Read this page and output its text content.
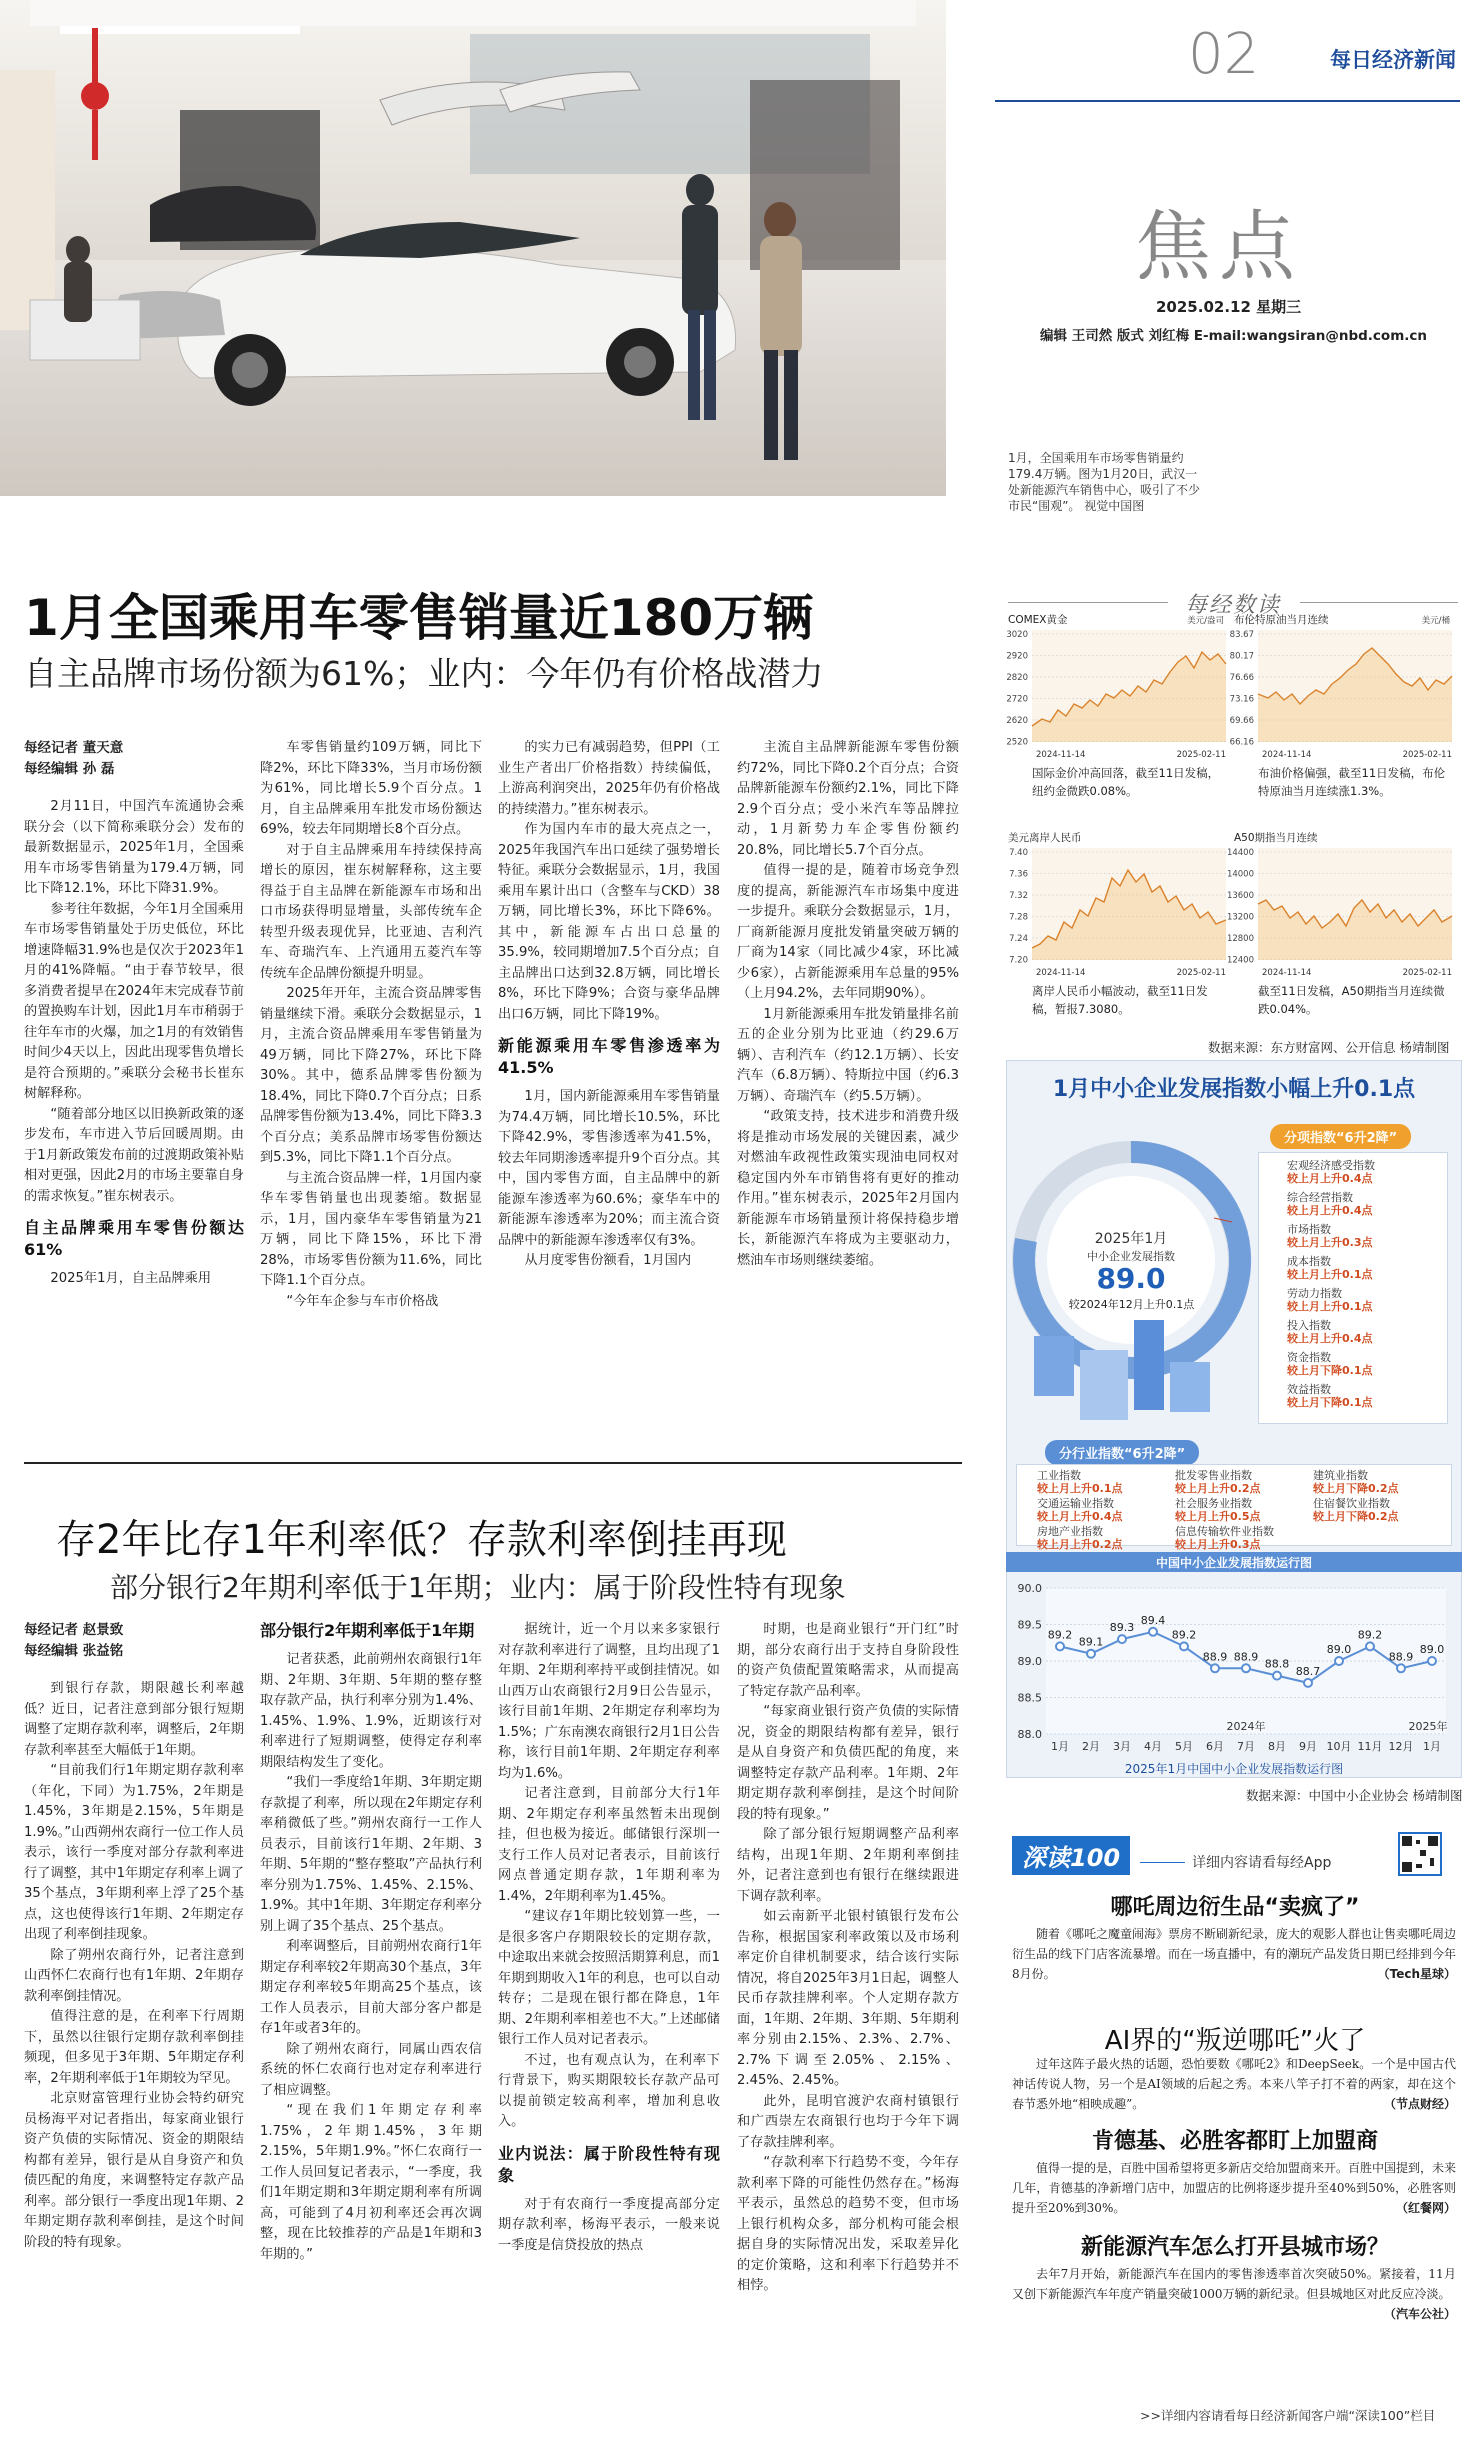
02	每日经济新闻
焦点
2025.02.12 星期三
编辑 王司然 版式 刘红梅 E-mail:wangsiran@nbd.com.cn
1月，全国乘用车市场零售销量约179.4万辆。图为1月20日，武汉一处新能源汽车销售中心，吸引了不少市民“围观”。 视觉中国图
1月全国乘用车零售销量近180万辆
自主品牌市场份额为61%；业内：今年仍有价格战潜力

每经记者 董天意

每经编辑 孙 磊

2月11日，中国汽车流通协会乘联分会（以下简称乘联分会）发布的最新数据显示，2025年1月，全国乘用车市场零售销量为179.4万辆，同比下降12.1%，环比下降31.9%。

参考往年数据，今年1月全国乘用车市场零售销量处于历史低位，环比增速降幅31.9%也是仅次于2023年1月的41%降幅。“由于春节较早，很多消费者提早在2024年末完成春节前的置换购车计划，因此1月车市稍弱于往年车市的火爆，加之1月的有效销售时间少4天以上，因此出现零售负增长是符合预期的。”乘联分会秘书长崔东树解释称。

“随着部分地区以旧换新政策的逐步发布，车市进入节后回暖周期。由于1月新政策发布前的过渡期政策补贴相对更强，因此2月的市场主要靠自身的需求恢复。”崔东树表示。

自主品牌乘用车零售份额达61%

2025年1月，自主品牌乘用

车零售销量约109万辆，同比下降2%，环比下降33%，当月市场份额为61%，同比增长5.9个百分点。1月，自主品牌乘用车批发市场份额达69%，较去年同期增长8个百分点。

对于自主品牌乘用车持续保持高增长的原因，崔东树解释称，这主要得益于自主品牌在新能源车市场和出口市场获得明显增量，头部传统车企转型升级表现优异，比亚迪、吉利汽车、奇瑞汽车、上汽通用五菱汽车等传统车企品牌份额提升明显。

2025年开年，主流合资品牌零售销量继续下滑。乘联分会数据显示，1月，主流合资品牌乘用车零售销量为49万辆，同比下降27%，环比下降30%。其中，德系品牌零售份额为18.4%，同比下降0.7个百分点；日系品牌零售份额为13.4%，同比下降3.3个百分点；美系品牌市场零售份额达到5.3%，同比下降1.1个百分点。

与主流合资品牌一样，1月国内豪华车零售销量也出现萎缩。数据显示，1月，国内豪华车零售销量为21万辆，同比下降15%，环比下滑28%，市场零售份额为11.6%，同比下降1.1个百分点。

“今年车企参与车市价格战

的实力已有减弱趋势，但PPI（工业生产者出厂价格指数）持续偏低，上游高利润突出，2025年仍有价格战的持续潜力。”崔东树表示。

作为国内车市的最大亮点之一，2025年我国汽车出口延续了强势增长特征。乘联分会数据显示，1月，我国乘用车累计出口（含整车与CKD）38万辆，同比增长3%，环比下降6%。其中，新能源车占出口总量的35.9%，较同期增加7.5个百分点；自主品牌出口达到32.8万辆，同比增长8%，环比下降9%；合资与豪华品牌出口6万辆，同比下降19%。

新能源乘用车零售渗透率为41.5%

1月，国内新能源乘用车零售销量为74.4万辆，同比增长10.5%，环比下降42.9%，零售渗透率为41.5%，较去年同期渗透率提升9个百分点。其中，国内零售方面，自主品牌中的新能源车渗透率为60.6%；豪华车中的新能源车渗透率为20%；而主流合资品牌中的新能源车渗透率仅有3%。

从月度零售份额看，1月国内

主流自主品牌新能源车零售份额约72%，同比下降0.2个百分点；合资品牌新能源车份额约2.1%，同比下降2.9个百分点；受小米汽车等品牌拉动，1月新势力车企零售份额约20.8%，同比增长5.7个百分点。

值得一提的是，随着市场竞争烈度的提高，新能源汽车市场集中度进一步提升。乘联分会数据显示，1月，厂商新能源月度批发销量突破万辆的厂商为14家（同比减少4家，环比减少6家），占新能源乘用车总量的95%（上月94.2%，去年同期90%）。

1月新能源乘用车批发销量排名前五的企业分别为比亚迪（约29.6万辆）、吉利汽车（约12.1万辆）、长安汽车（6.8万辆）、特斯拉中国（约6.3万辆）、奇瑞汽车（约5.5万辆）。

“政策支持，技术进步和消费升级将是推动市场发展的关键因素，减少对燃油车政视性政策实现油电同权对稳定国内外车市销售将有更好的推动作用。”崔东树表示，2025年2月国内新能源车市场销量预计将保持稳步增长，新能源汽车将成为主要驱动力，燃油车市场则继续萎缩。

存2年比存1年利率低？存款利率倒挂再现
部分银行2年期利率低于1年期；业内：属于阶段性特有现象

每经记者 赵景致

每经编辑 张益铭

到银行存款，期限越长利率越低？近日，记者注意到部分银行短期调整了定期存款利率，调整后，2年期存款利率甚至大幅低于1年期。

“目前我们行1年期定期存款利率（年化，下同）为1.75%，2年期是1.45%，3年期是2.15%，5年期是1.9%。”山西朔州农商行一位工作人员表示，该行一季度对部分存款利率进行了调整，其中1年期定存利率上调了35个基点，3年期利率上浮了25个基点，这也使得该行1年期、2年期定存出现了利率倒挂现象。

除了朔州农商行外，记者注意到山西怀仁农商行也有1年期、2年期存款利率倒挂情况。

值得注意的是，在利率下行周期下，虽然以往银行定期存款利率倒挂频现，但多见于3年期、5年期定存利率，2年期利率低于1年期较为罕见。

北京财富管理行业协会特约研究员杨海平对记者指出，每家商业银行资产负债的实际情况、资金的期限结构都有差异，银行是从自身资产和负债匹配的角度，来调整特定存款产品利率。部分银行一季度出现1年期、2年期定期存款利率倒挂，是这个时间阶段的特有现象。

部分银行2年期利率低于1年期

记者获悉，此前朔州农商银行1年期、2年期、3年期、5年期的整存整取存款产品，执行利率分别为1.4%、1.45%、1.9%、1.9%，近期该行对利率进行了短期调整，使得定存利率期限结构发生了变化。

“我们一季度给1年期、3年期定期存款提了利率，所以现在2年期定存利率稍微低了些。”朔州农商行一工作人员表示，目前该行1年期、2年期、3年期、5年期的“整存整取”产品执行利率分别为1.75%、1.45%、2.15%、1.9%。其中1年期、3年期定存利率分别上调了35个基点、25个基点。

利率调整后，目前朔州农商行1年期定存利率较2年期高30个基点，3年期定存利率较5年期高25个基点，该工作人员表示，目前大部分客户都是存1年或者3年的。

除了朔州农商行，同属山西农信系统的怀仁农商行也对定存利率进行了相应调整。

“现在我们1年期定存利率1.75%，2年期1.45%，3年期2.15%，5年期1.9%。”怀仁农商行一工作人员回复记者表示，“一季度，我们1年期定期和3年期定期利率有所调高，可能到了4月初利率还会再次调整，现在比较推荐的产品是1年期和3年期的。”

据统计，近一个月以来多家银行对存款利率进行了调整，且均出现了1年期、2年期利率持平或倒挂情况。如山西万山农商银行2月9日公告显示，该行目前1年期、2年期定存利率均为1.5%；广东南澳农商银行2月1日公告称，该行目前1年期、2年期定存利率均为1.6%。

记者注意到，目前部分大行1年期、2年期定存利率虽然暂未出现倒挂，但也极为接近。邮储银行深圳一支行工作人员对记者表示，目前该行网点普通定期存款，1年期利率为1.4%，2年期利率为1.45%。

“建议存1年期比较划算一些，一是很多客户存期限较长的定期存款，中途取出来就会按照活期算利息，而1年期到期收入1年的利息，也可以自动转存；二是现在银行都在降息，1年期、2年期利率相差也不大。”上述邮储银行工作人员对记者表示。

不过，也有观点认为，在利率下行背景下，购买期限较长存款产品可以提前锁定较高利率，增加利息收入。

业内说法：属于阶段性特有现象

对于有农商行一季度提高部分定期存款利率，杨海平表示，一般来说一季度是信贷投放的热点

时期，也是商业银行“开门红”时期，部分农商行出于支持自身阶段性的资产负债配置策略需求，从而提高了特定存款产品利率。

“每家商业银行资产负债的实际情况，资金的期限结构都有差异，银行是从自身资产和负债匹配的角度，来调整特定存款产品利率。1年期、2年期定期存款利率倒挂，是这个时间阶段的特有现象。”

除了部分银行短期调整产品利率结构，出现1年期、2年期利率倒挂外，记者注意到也有银行在继续跟进下调存款利率。

如云南新平北银村镇银行发布公告称，根据国家利率政策以及市场利率定价自律机制要求，结合该行实际情况，将自2025年3月1日起，调整人民币存款挂牌利率。个人定期存款方面，1年期、2年期、3年期、5年期利率分别由2.15%、2.3%、2.7%、2.7%下调至2.05%、2.15%、2.45%、2.45%。

此外，昆明官渡沪农商村镇银行和广西崇左农商银行也均于今年下调了存款挂牌利率。

“存款利率下行趋势不变，今年存款利率下降的可能性仍然存在。”杨海平表示，虽然总的趋势不变，但市场上银行机构众多，部分机构可能会根据自身的实际情况出发，采取差异化的定价策略，这和利率下行趋势并不相悖。

每经数读
COMEX黄金	美元/盎司
3020
2920
2820
2720
2620
2520
2024-11-14	2025-02-11
国际金价冲高回落，截至11日发稿，纽约金微跌0.08%。
布伦特原油当月连续	美元/桶
83.67
80.17
76.66
73.16
69.66
66.16
2024-11-14	2025-02-11
布油价格偏强，截至11日发稿，布伦特原油当月连续涨1.3%。
美元离岸人民币
7.40
7.36
7.32
7.28
7.24
7.20
2024-11-14	2025-02-11
离岸人民币小幅波动，截至11日发稿，暂报7.3080。
A50期指当月连续
14400
14000
13600
13200
12800
12400
2024-11-14	2025-02-11
截至11日发稿，A50期指当月连续微跌0.04%。
数据来源：东方财富网、公开信息 杨靖制图
1月中小企业发展指数小幅上升0.1点
2025年1月
中小企业发展指数
89.0
较2024年12月上升0.1点
分项指数“6升2降”
宏观经济感受指数
较上月上升0.4点
综合经营指数
较上月上升0.4点
市场指数
较上月上升0.3点
成本指数
较上月上升0.1点
劳动力指数
较上月上升0.1点
投入指数
较上月上升0.4点
资金指数
较上月下降0.1点
效益指数
较上月下降0.1点
分行业指数“6升2降”
工业指数
较上月上升0.1点
批发零售业指数
较上月上升0.2点
建筑业指数
较上月下降0.2点
交通运输业指数
较上月上升0.4点
社会服务业指数
较上月上升0.5点
住宿餐饮业指数
较上月下降0.2点
房地产业指数
较上月上升0.2点
信息传输软件业指数
较上月上升0.3点
中国中小企业发展指数运行图
90.0
89.5
89.0
88.5
88.0
89.2
1月
89.1
2月
89.3
3月
89.4
4月
89.2
5月
88.9
6月
88.9
7月
88.8
8月
88.7
9月
89.0
10月
89.2
11月
88.9
12月
89.0
1月
2024年	2025年
2025年1月中国中小企业发展指数运行图
数据来源：中国中小企业协会 杨靖制图
深读100	详细内容请看每经App
哪吒周边衍生品“卖疯了”
随着《哪吒之魔童闹海》票房不断刷新纪录，庞大的观影人群也让售卖哪吒周边衍生品的线下门店客流暴增。而在一场直播中，有的潮玩产品发货日期已经排到今年8月份。	（Tech星球）
AI界的“叛逆哪吒”火了
过年这阵子最火热的话题，恐怕要数《哪吒2》和DeepSeek。一个是中国古代神话传说人物，另一个是AI领域的后起之秀。本来八竿子打不着的两家，却在这个春节悉外地“相映成趣”。	（节点财经）
肯德基、必胜客都盯上加盟商
值得一提的是，百胜中国希望将更多新店交给加盟商来开。百胜中国提到，未来几年，肯德基的净新增门店中，加盟店的比例将逐步提升至40%到50%，必胜客则提升至20%到30%。	（红餐网）
新能源汽车怎么打开县城市场？
去年7月开始，新能源汽车在国内的零售渗透率首次突破50%。紧接着，11月又创下新能源汽车年度产销量突破1000万辆的新纪录。但县城地区对此反应冷淡。
（汽车公社）
>>详细内容请看每日经济新闻客户端“深读100”栏目
